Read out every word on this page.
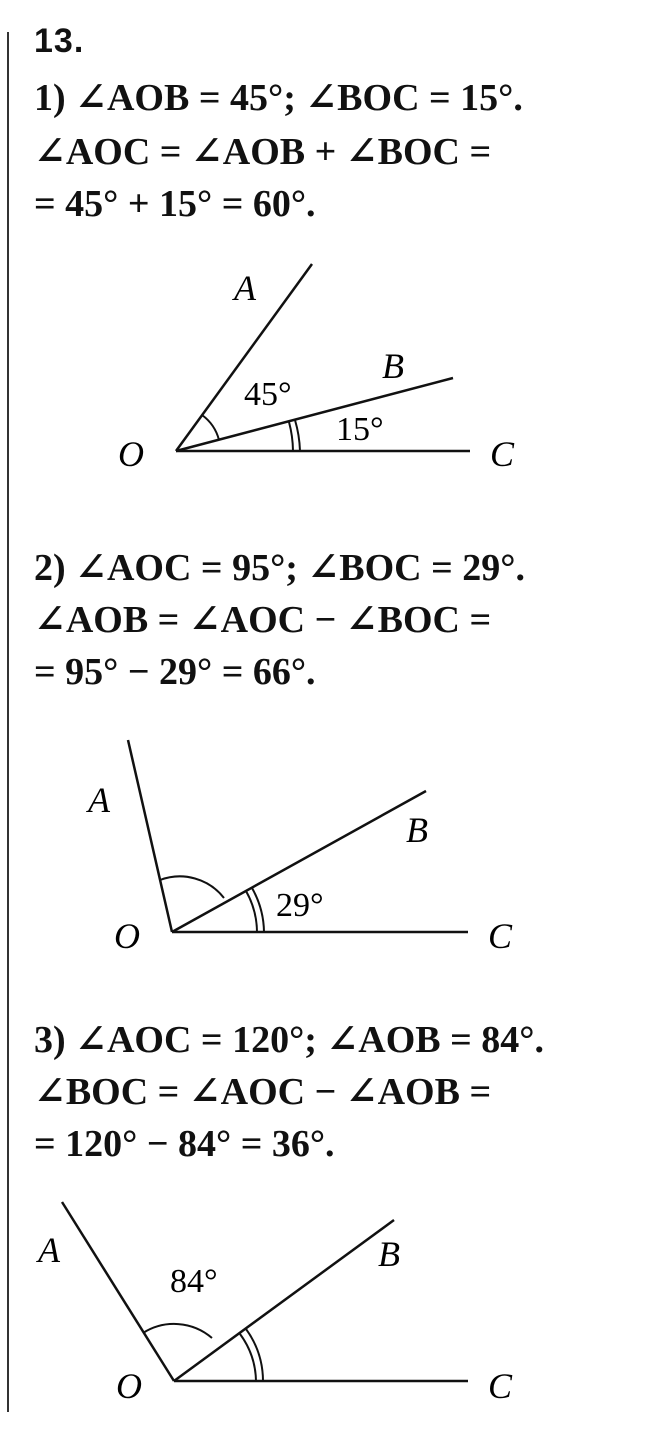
13.
1) ∠AOB = 45°; ∠BOC = 15°.
∠AOC = ∠AOB + ∠BOC =
= 45° + 15° = 60°.
A
B
O	C
45°
15°
2) ∠AOC = 95°; ∠BOC = 29°.
∠AOB = ∠AOC − ∠BOC =
= 95° − 29° = 66°.
A
B
O	C
29°
3) ∠AOC = 120°; ∠AOB = 84°.
∠BOC = ∠AOC − ∠AOB =
= 120° − 84° = 36°.
A	B
O	C
84°
